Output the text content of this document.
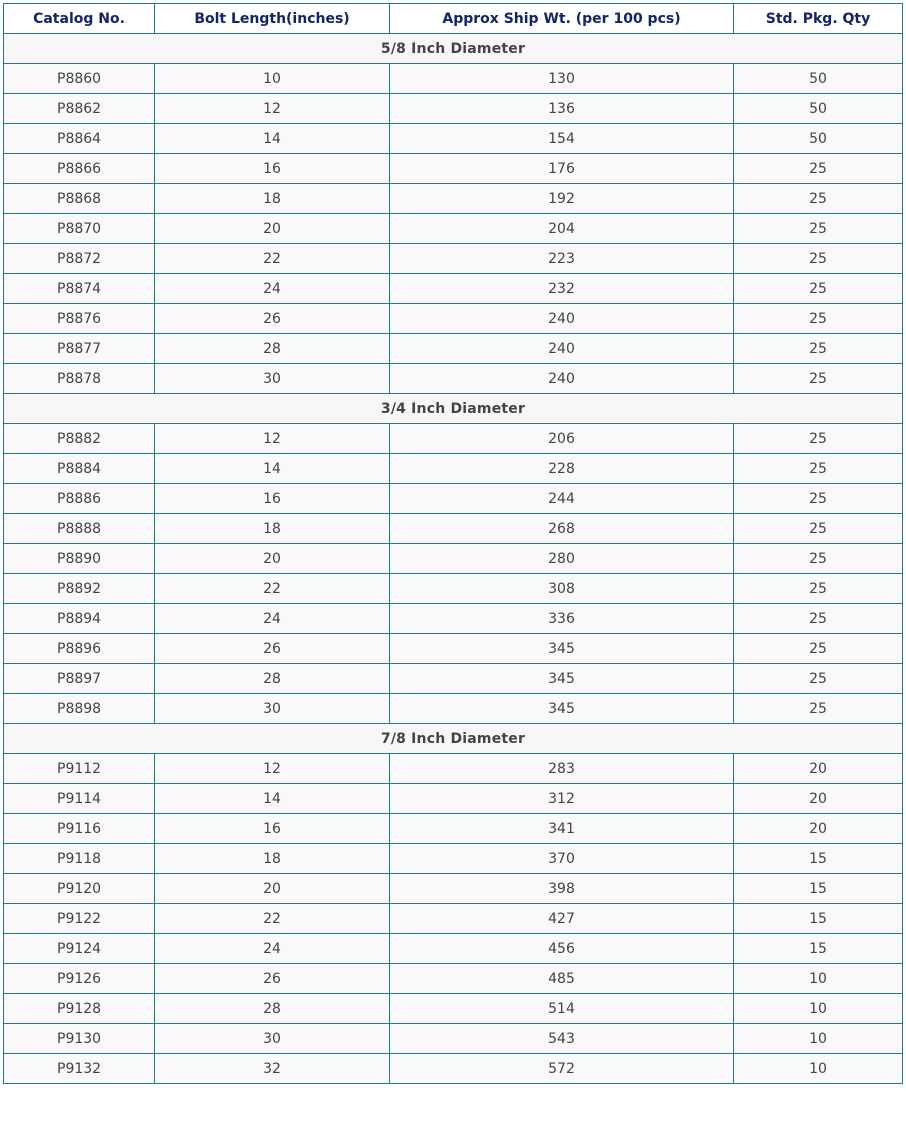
Catalog No.	Bolt Length(inches)	Approx Ship Wt. (per 100 pcs)	Std. Pkg. Qty
5/8 Inch Diameter			
P8860	10	130	50
P8862	12	136	50
P8864	14	154	50
P8866	16	176	25
P8868	18	192	25
P8870	20	204	25
P8872	22	223	25
P8874	24	232	25
P8876	26	240	25
P8877	28	240	25
P8878	30	240	25
3/4 Inch Diameter			
P8882	12	206	25
P8884	14	228	25
P8886	16	244	25
P8888	18	268	25
P8890	20	280	25
P8892	22	308	25
P8894	24	336	25
P8896	26	345	25
P8897	28	345	25
P8898	30	345	25
7/8 Inch Diameter			
P9112	12	283	20
P9114	14	312	20
P9116	16	341	20
P9118	18	370	15
P9120	20	398	15
P9122	22	427	15
P9124	24	456	15
P9126	26	485	10
P9128	28	514	10
P9130	30	543	10
P9132	32	572	10
